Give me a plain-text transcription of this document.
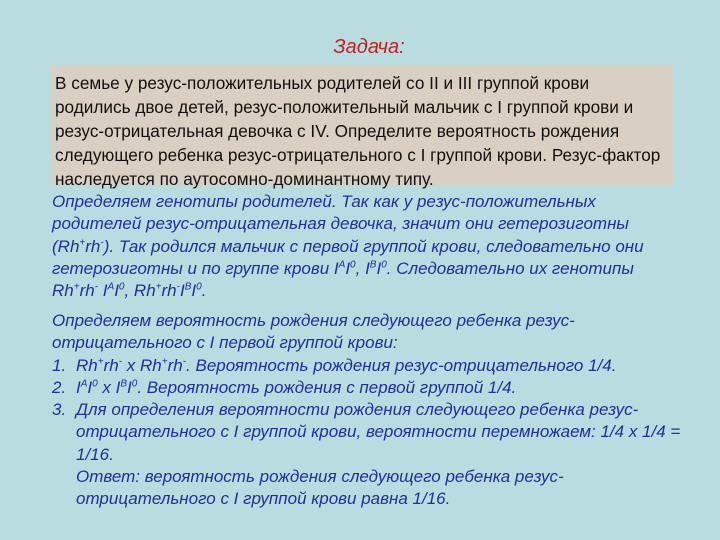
Задача:
В семье у резус-положительных родителей со II и III группой крови родились двое детей, резус-положительный мальчик с I группой крови и резус-отрицательная девочка с IV. Определите вероятность рождения следующего ребенка резус-отрицательного с I группой крови. Резус-фактор наследуется по аутосомно-доминантному типу.

Определяем генотипы родителей. Так как у резус-положительных родителей резус-отрицательная девочка, значит они гетерозиготны (Rh+rh-). Так родился мальчик с первой группой крови, следовательно они гетерозиготны и по группе крови $I^AI^0$, $I^BI^0$. Следовательно их генотипы Rh+rh- $I^AI^0$, $Rh^+rh^-I^BI^0$.

Определяем вероятность рождения следующего ребенка резус-отрицательного с I первой группой крови:

1. Rh+rh- х Rh+rh-. Вероятность рождения резус-отрицательного 1/4.
2. $I^AI^0$ х $I^BI^0$. Вероятность рождения с первой группой 1/4.
3. Для определения вероятности рождения следующего ребенка резус-отрицательного с I группой крови, вероятности перемножаем: 1/4 х 1/4 = 1/16.
Ответ: вероятность рождения следующего ребенка резус-отрицательного с I группой крови равна 1/16.
